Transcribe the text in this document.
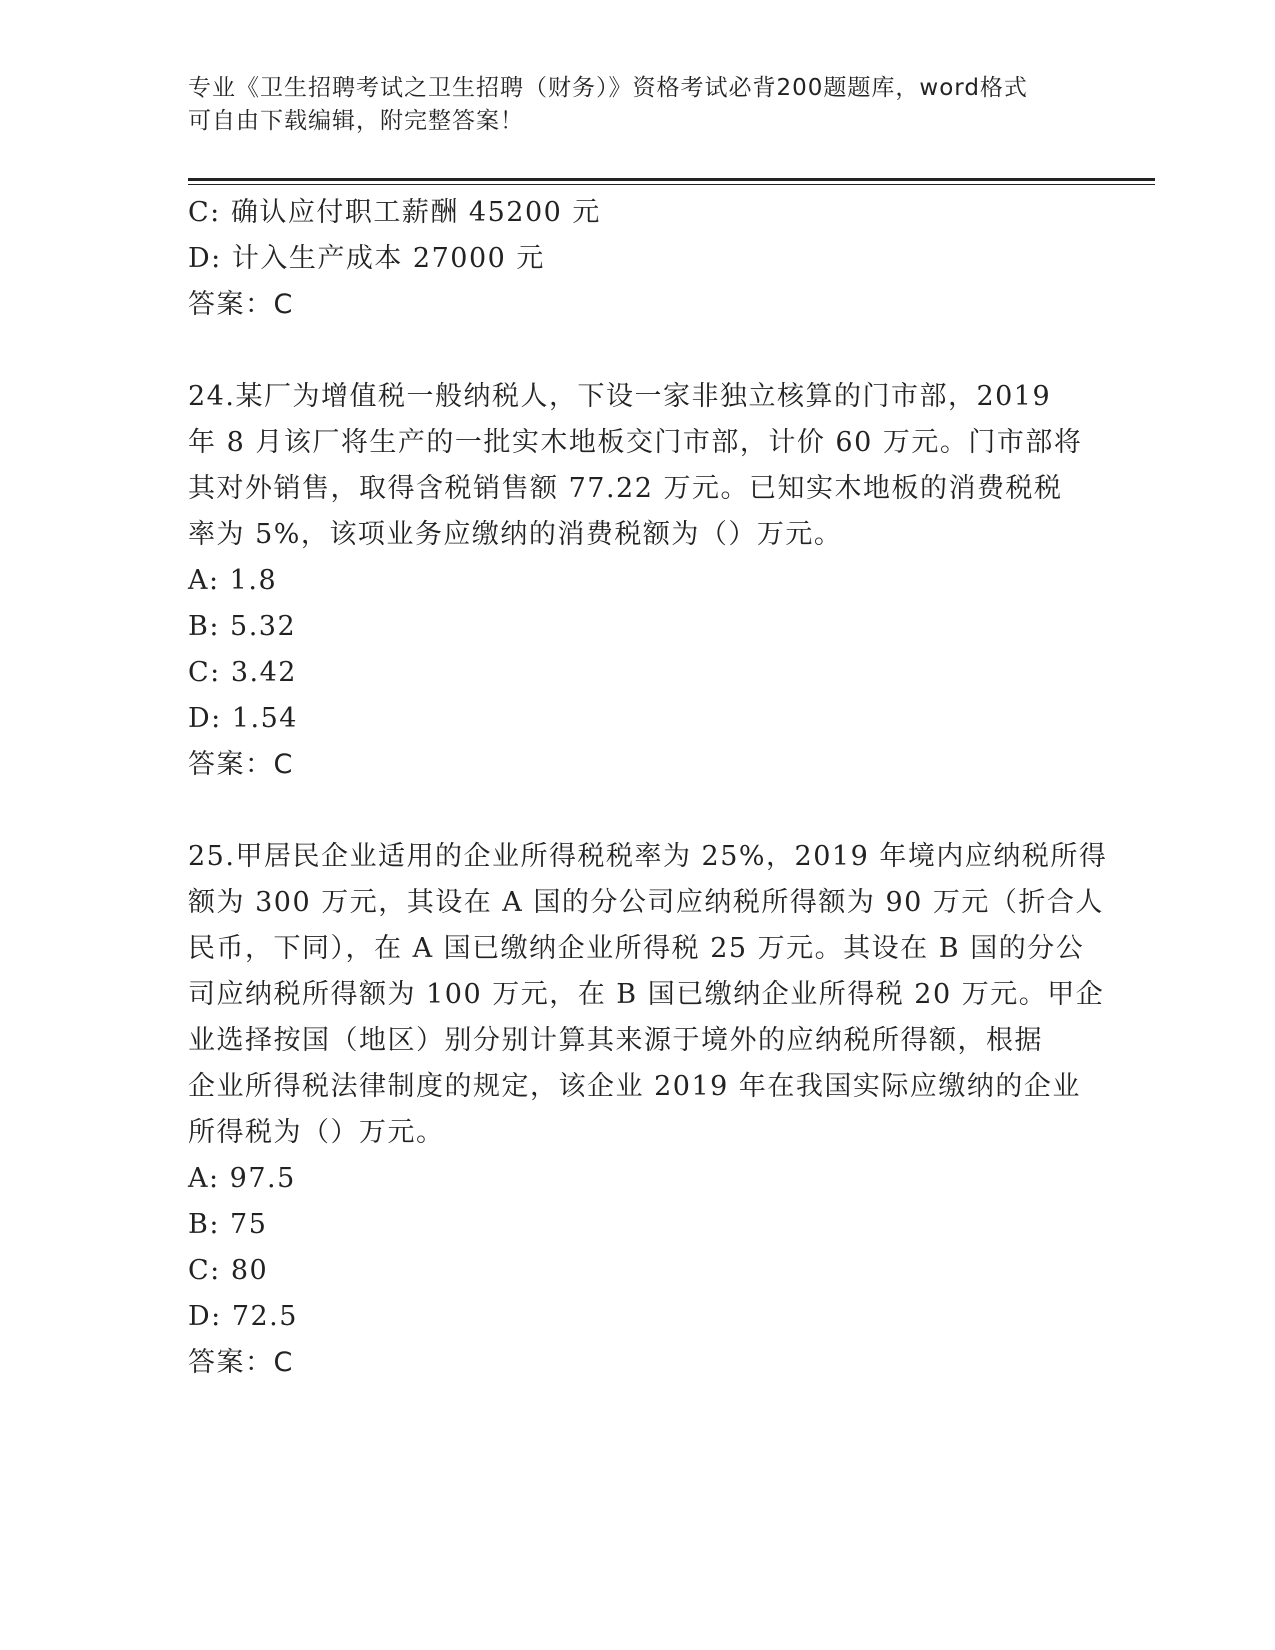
专业《卫生招聘考试之卫生招聘（财务）》资格考试必背200题题库，word格式
可自由下载编辑，附完整答案！
C: 确认应付职工薪酬 45200 元
D: 计入生产成本 27000 元
答案：C
24.某厂为增值税一般纳税人，下设一家非独立核算的门市部，2019
年 8 月该厂将生产的一批实木地板交门市部，计价 60 万元。门市部将
其对外销售，取得含税销售额 77.22 万元。已知实木地板的消费税税
率为 5%，该项业务应缴纳的消费税额为（）万元。
A: 1.8
B: 5.32
C: 3.42
D: 1.54
答案：C
25.甲居民企业适用的企业所得税税率为 25%，2019 年境内应纳税所得
额为 300 万元，其设在 A 国的分公司应纳税所得额为 90 万元（折合人
民币，下同），在 A 国已缴纳企业所得税 25 万元。其设在 B 国的分公
司应纳税所得额为 100 万元，在 B 国已缴纳企业所得税 20 万元。甲企
业选择按国（地区）别分别计算其来源于境外的应纳税所得额，根据
企业所得税法律制度的规定，该企业 2019 年在我国实际应缴纳的企业
所得税为（）万元。
A: 97.5
B: 75
C: 80
D: 72.5
答案：C
